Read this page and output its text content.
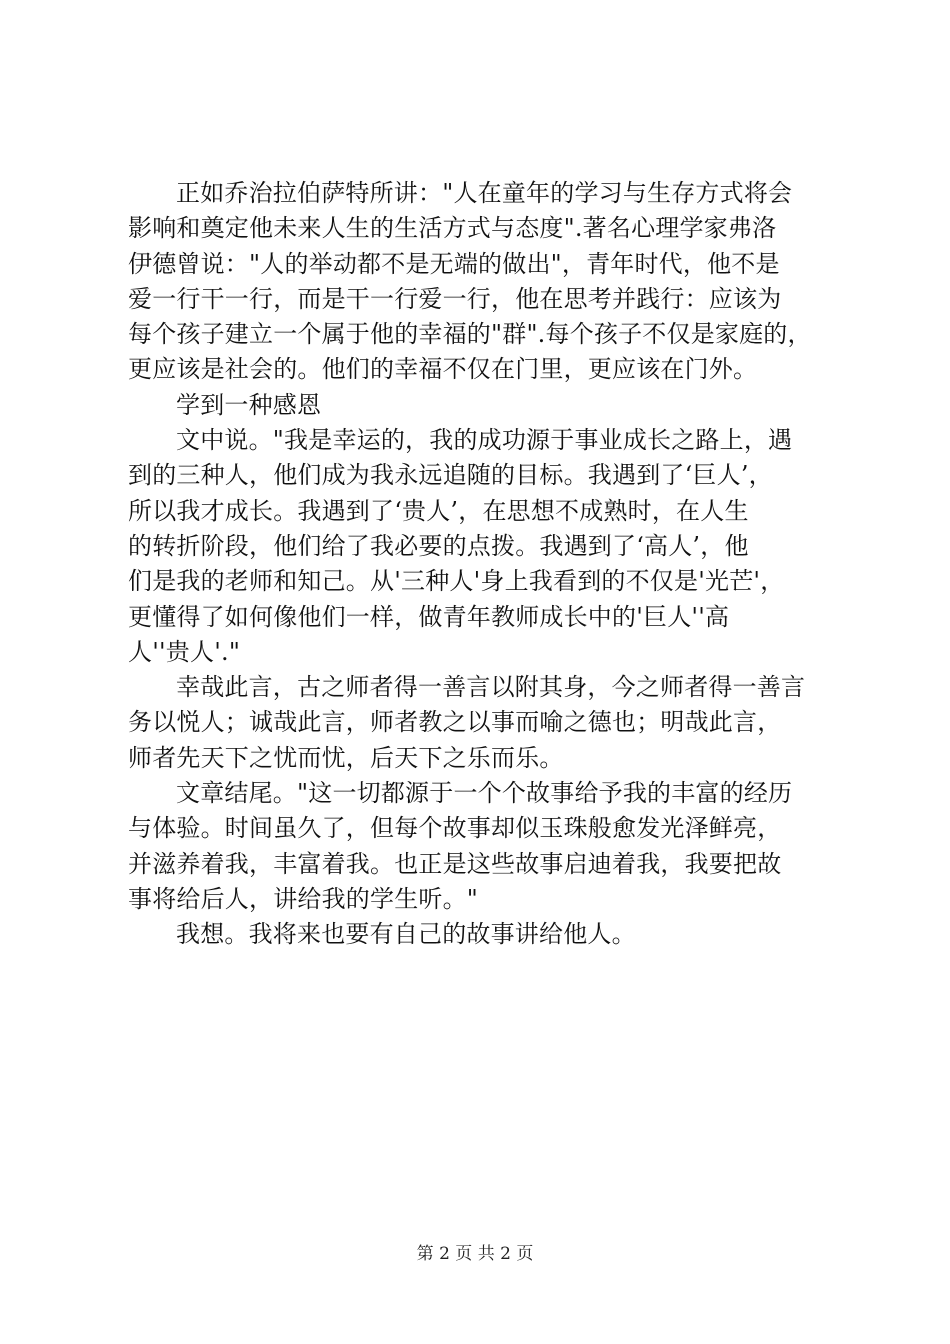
正如乔治拉伯萨特所讲："人在童年的学习与生存方式将会
影响和奠定他未来人生的生活方式与态度".著名心理学家弗洛
伊德曾说："人的举动都不是无端的做出"，青年时代，他不是
爱一行干一行，而是干一行爱一行，他在思考并践行：应该为
每个孩子建立一个属于他的幸福的"群".每个孩子不仅是家庭的，
更应该是社会的。他们的幸福不仅在门里，更应该在门外。
学到一种感恩
文中说。"我是幸运的，我的成功源于事业成长之路上，遇
到的三种人，他们成为我永远追随的目标。我遇到了‘巨人’，
所以我才成长。我遇到了‘贵人’，在思想不成熟时，在人生
的转折阶段，他们给了我必要的点拨。我遇到了‘高人’，他
们是我的老师和知己。从'三种人'身上我看到的不仅是'光芒'，
更懂得了如何像他们一样，做青年教师成长中的'巨人''高
人''贵人'."
幸哉此言，古之师者得一善言以附其身，今之师者得一善言
务以悦人；诚哉此言，师者教之以事而喻之德也；明哉此言，
师者先天下之忧而忧，后天下之乐而乐。
文章结尾。"这一切都源于一个个故事给予我的丰富的经历
与体验。时间虽久了，但每个故事却似玉珠般愈发光泽鲜亮，
并滋养着我，丰富着我。也正是这些故事启迪着我，我要把故
事将给后人，讲给我的学生听。"
我想。我将来也要有自己的故事讲给他人。
第 2 页 共 2 页
